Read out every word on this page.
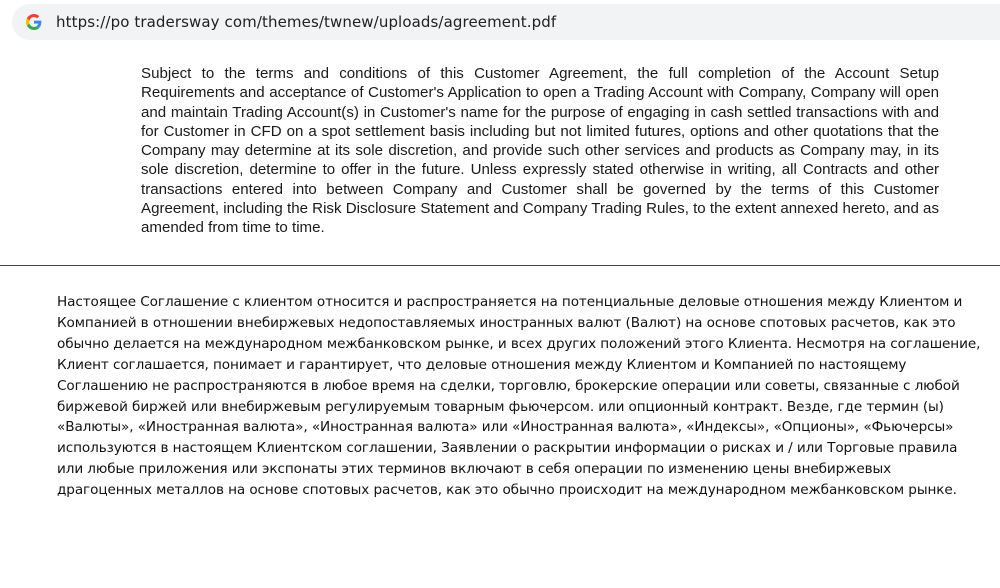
https://po tradersway com/themes/twnew/uploads/agreement.pdf

Subject to the terms and conditions of this Customer Agreement, the full completion of the Account Setup Requirements and acceptance of Customer's Application to open a Trading Account with Company, Company will open and maintain Trading Account(s) in Customer's name for the purpose of engaging in cash settled transactions with and for Customer in CFD on a spot settlement basis including but not limited futures, options and other quotations that the Company may determine at its sole discretion, and provide such other services and products as Company may, in its sole discretion, determine to offer in the future. Unless expressly stated otherwise in writing, all Contracts and other transactions entered into between Company and Customer shall be governed by the terms of this Customer Agreement, including the Risk Disclosure Statement and Company Trading Rules, to the extent annexed hereto, and as amended from time to time.

Настоящее Соглашение с клиентом относится и распространяется на потенциальные деловые отношения между Клиентом и Компанией в отношении внебиржевых недопоставляемых иностранных валют (Валют) на основе спотовых расчетов, как это обычно делается на международном межбанковском рынке, и всех других положений этого Клиента. Несмотря на соглашение, Клиент соглашается, понимает и гарантирует, что деловые отношения между Клиентом и Компанией по настоящему Соглашению не распространяются в любое время на сделки, торговлю, брокерские операции или советы, связанные с любой биржевой биржей или внебиржевым регулируемым товарным фьючерсом. или опционный контракт. Везде, где термин (ы) «Валюты», «Иностранная валюта», «Иностранная валюта» или «Иностранная валюта», «Индексы», «Опционы», «Фьючерсы» используются в настоящем Клиентском соглашении, Заявлении о раскрытии информации о рисках и / или Торговые правила или любые приложения или экспонаты этих терминов включают в себя операции по изменению цены внебиржевых драгоценных металлов на основе спотовых расчетов, как это обычно происходит на международном межбанковском рынке.
